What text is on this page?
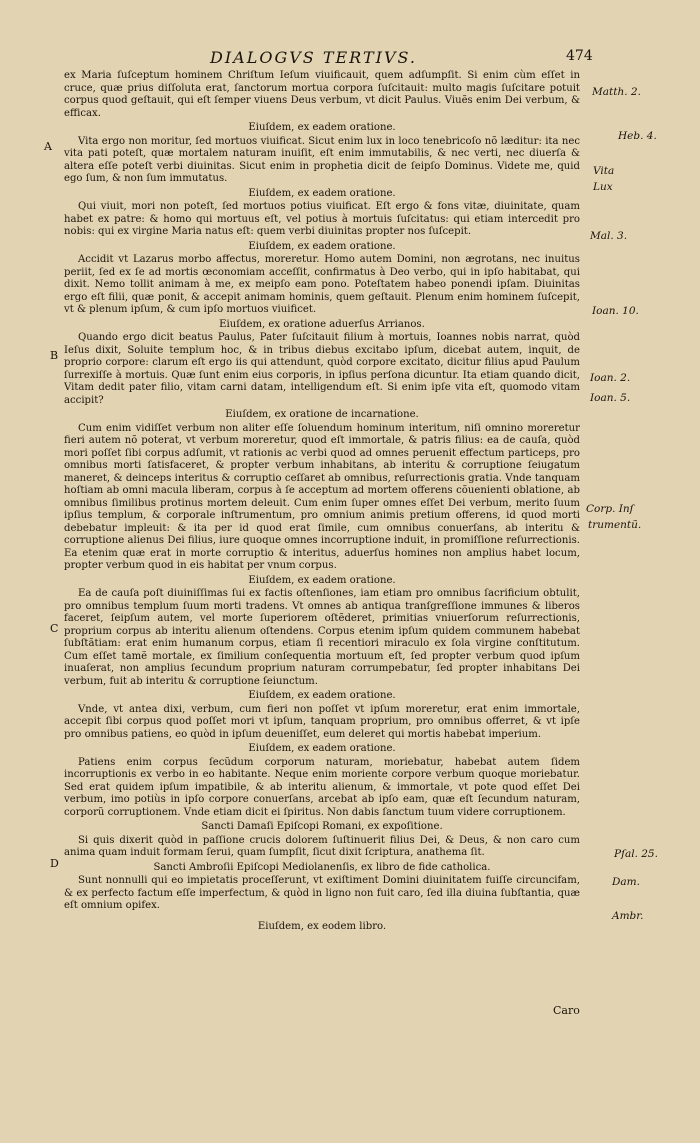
DIALOGVS TERTIVS.	474
A
B
C
D
Matth. 2.
Heb. 4.
Vita
Lux
Mal. 3.
Ioan. 10.
Ioan. 2.
Ioan. 5.
Corp. Inſ
trumentũ.
Pſal. 25.
Dam.
Ambr.

ex Maria ſuſceptum hominem Chriſtum Ieſum viuificauit, quem adſumpſit. Si enim cùm eſſet in cruce, quæ prius diſſoluta erat, ſanctorum mortua corpora ſuſcitauit: multo magis ſuſcitare potuit corpus quod geſtauit, qui eſt ſemper viuens Deus verbum, vt dicit Paulus. Viuẽs enim Dei verbum, & efficax.

Eiuſdem, ex eadem oratione.

Vita ergo non moritur, ſed mortuos viuificat. Sicut enim lux in loco tenebricoſo nõ læditur: ita nec vita pati poteſt, quæ mortalem naturam inuiſit, eſt enim immutabilis, & nec verti, nec diuerſa & altera eſſe poteſt verbi diuinitas. Sicut enim in prophetia dicit de ſeipſo Dominus. Videte me, quid ego ſum, & non ſum immutatus.

Eiuſdem, ex eadem oratione.

Qui viuit, mori non poteſt, ſed mortuos potius viuificat. Eſt ergo & fons vitæ, diuinitate, quam habet ex patre: & homo qui mortuus eſt, vel potius à mortuis ſuſcitatus: qui etiam intercedit pro nobis: qui ex virgine Maria natus eſt: quem verbi diuinitas propter nos ſuſcepit.

Eiuſdem, ex eadem oratione.

Accidit vt Lazarus morbo affectus, moreretur. Homo autem Domini, non ægrotans, nec inuitus periit, ſed ex ſe ad mortis œconomiam acceſſit, confirmatus à Deo verbo, qui in ipſo habitabat, qui dixit. Nemo tollit animam à me, ex meipſo eam pono. Poteſtatem habeo ponendi ipſam. Diuinitas ergo eſt filii, quæ ponit, & accepit animam hominis, quem geſtauit. Plenum enim hominem ſuſcepit, vt & plenum ipſum, & cum ipſo mortuos viuificet.

Eiuſdem, ex oratione aduerſus Arrianos.

Quando ergo dicit beatus Paulus, Pater ſuſcitauit filium à mortuis, Ioannes nobis narrat, quòd Ieſus dixit, Soluite templum hoc, & in tribus diebus excitabo ipſum, dicebat autem, inquit, de proprio corpore: clarum eſt ergo iis qui attendunt, quòd corpore excitato, dicitur filius apud Paulum ſurrexiſſe à mortuis. Quæ ſunt enim eius corporis, in ipſius perſona dicuntur. Ita etiam quando dicit, Vitam dedit pater filio, vitam carni datam, intelligendum eſt. Si enim ipſe vita eſt, quomodo vitam accipit?

Eiuſdem, ex oratione de incarnatione.

Cum enim vidiſſet verbum non aliter eſſe ſoluendum hominum interitum, niſi omnino moreretur fieri autem nõ poterat, vt verbum moreretur, quod eſt immortale, & patris filius: ea de cauſa, quòd mori poſſet ſibi corpus adſumit, vt rationis ac verbi quod ad omnes peruenit effectum particeps, pro omnibus morti ſatisfaceret, & propter verbum inhabitans, ab interitu & corruptione ſeiugatum maneret, & deinceps interitus & corruptio ceſſaret ab omnibus, reſurrectionis gratia. Vnde tanquam hoſtiam ab omni macula liberam, corpus à ſe acceptum ad mortem offerens cõuenienti oblatione, ab omnibus ſimilibus protinus mortem deleuit. Cum enim ſuper omnes eſſet Dei verbum, merito ſuum ipſius templum, & corporale inſtrumentum, pro omnium animis pretium offerens, id quod morti debebatur impleuit: & ita per id quod erat ſimile, cum omnibus conuerſans, ab interitu & corruptione alienus Dei filius, iure quoque omnes incorruptione induit, in promiſſione reſurrectionis. Ea etenim quæ erat in morte corruptio & interitus, aduerſus homines non amplius habet locum, propter verbum quod in eis habitat per vnum corpus.

Eiuſdem, ex eadem oratione.

Ea de cauſa poſt diuiniſſimas ſui ex factis oſtenſiones, iam etiam pro omnibus ſacrificium obtulit, pro omnibus templum ſuum morti tradens. Vt omnes ab antiqua tranſgreſſione immunes & liberos faceret, ſeipſum autem, vel morte ſuperiorem oſtẽderet, primitias vniuerſorum reſurrectionis, proprium corpus ab interitu alienum oſtendens. Corpus etenim ipſum quidem communem habebat ſubſtãtiam: erat enim humanum corpus, etiam ſi recentiori miraculo ex ſola virgine conſtitutum. Cum eſſet tamẽ mortale, ex ſimilium conſequentia mortuum eſt, ſed propter verbum quod ipſum inuaſerat, non amplius ſecundum proprium naturam corrumpebatur, ſed propter inhabitans Dei verbum, fuit ab interitu & corruptione ſeiunctum.

Eiuſdem, ex eadem oratione.

Vnde, vt antea dixi, verbum, cum fieri non poſſet vt ipſum moreretur, erat enim immortale, accepit ſibi corpus quod poſſet mori vt ipſum, tanquam proprium, pro omnibus offerret, & vt ipſe pro omnibus patiens, eo quòd in ipſum deueniſſet, eum deleret qui mortis habebat imperium.

Eiuſdem, ex eadem oratione.

Patiens enim corpus ſecũdum corporum naturam, moriebatur, habebat autem ſidem incorruptionis ex verbo in eo habitante. Neque enim moriente corpore verbum quoque moriebatur. Sed erat quidem ipſum impatibile, & ab interitu alienum, & immortale, vt pote quod eſſet Dei verbum, imo potiùs in ipſo corpore conuerſans, arcebat ab ipſo eam, quæ eſt ſecundum naturam, corporũ corruptionem. Vnde etiam dicit ei ſpiritus. Non dabis ſanctum tuum videre corruptionem.

Sancti Damaſi Epiſcopi Romani, ex expoſitione.

Si quis dixerit quòd in paſſione crucis dolorem ſuſtinuerit filius Dei, & Deus, & non caro cum anima quam induit formam ſerui, quam ſumpſit, ſicut dixit ſcriptura, anathema ſit.

Sancti Ambroſii Epiſcopi Mediolanenſis, ex libro de fide catholica.

Sunt nonnulli qui eo impietatis proceſſerunt, vt exiſtiment Domini diuinitatem fuiſſe circuncifam, & ex perfecto factum eſſe imperfectum, & quòd in ligno non fuit caro, ſed illa diuina ſubſtantia, quæ eſt omnium opifex.

Eiuſdem, ex eodem libro.

Caro
